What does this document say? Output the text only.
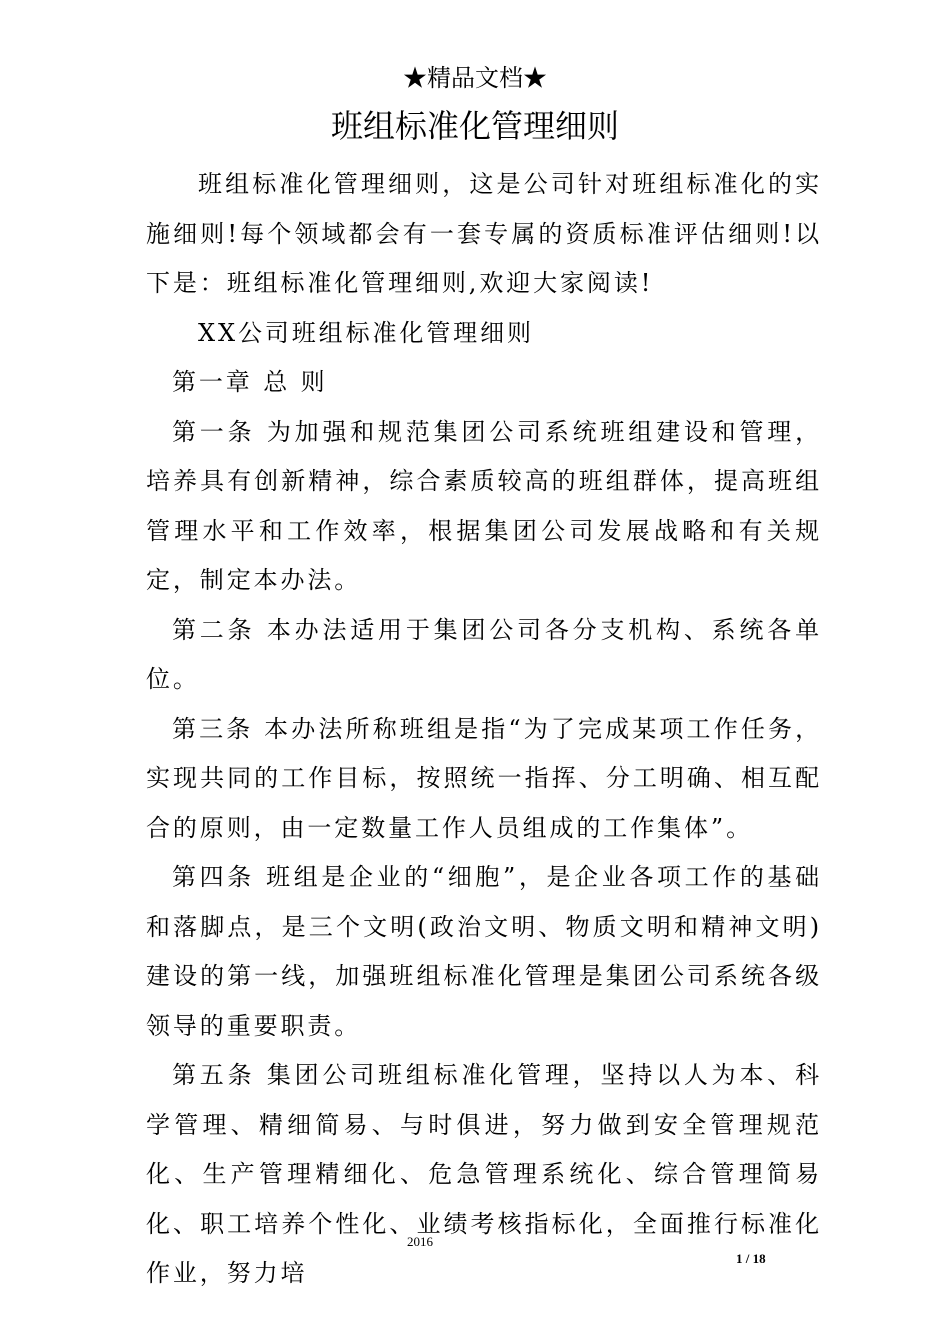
★精品文档★
班组标准化管理细则

班组标准化管理细则，这是公司针对班组标准化的实施细则!每个领域都会有一套专属的资质标准评估细则!以下是：班组标准化管理细则,欢迎大家阅读!

XX公司班组标准化管理细则

第一章 总 则

第一条 为加强和规范集团公司系统班组建设和管理，培养具有创新精神，综合素质较高的班组群体，提高班组管理水平和工作效率，根据集团公司发展战略和有关规定，制定本办法。

第二条 本办法适用于集团公司各分支机构、系统各单位。

第三条 本办法所称班组是指“为了完成某项工作任务，实现共同的工作目标，按照统一指挥、分工明确、相互配合的原则，由一定数量工作人员组成的工作集体”。

第四条 班组是企业的“细胞”，是企业各项工作的基础和落脚点，是三个文明(政治文明、物质文明和精神文明)建设的第一线，加强班组标准化管理是集团公司系统各级领导的重要职责。

第五条 集团公司班组标准化管理，坚持以人为本、科学管理、精细简易、与时俱进，努力做到安全管理规范化、生产管理精细化、危急管理系统化、综合管理简易化、职工培养个性化、业绩考核指标化，全面推行标准化作业，努力培

2016
1 / 18
